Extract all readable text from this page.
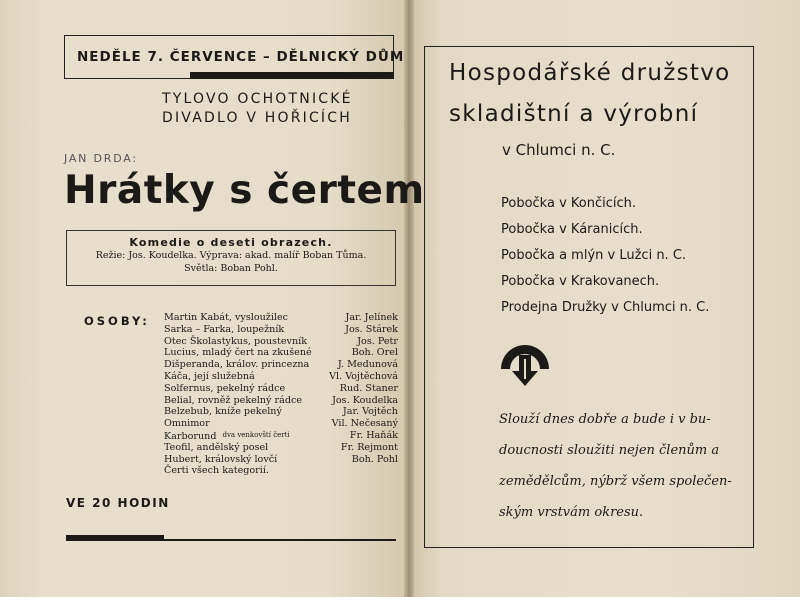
NEDĚLE 7. ČERVENCE – DĚLNICKÝ DŮM
TYLOVO OCHOTNICKÉ
DIVADLO V HOŘICÍCH
JAN DRDA:
Hrátky s čertem
Komedie o deseti obrazech.
Režie: Jos. Koudelka. Výprava: akad. malíř Boban Tůma.
Světla: Boban Pohl.
OSOBY: Martin Kabát, vysloužilec	Jar. Jelínek
Sarka – Farka, loupežník	Jos. Stárek
Otec Školastykus, poustevník	Jos. Petr
Lucius, mladý čert na zkušené	Boh. Orel
Dišperanda, králov. princezna	J. Medunová
Káča, její služebná	Vl. Vojtěchová
Solfernus, pekelný rádce	Rud. Staner
Belial, rovněž pekelný rádce	Jos. Koudelka
Belzebub, kníže pekelný	Jar. Vojtěch
Omnimor	Vil. Nečesaný
Karborund $^{dva venkovští čerti}$	Fr. Haňák
Teofil, andělský posel	Fr. Rejmont
Hubert, královský lovčí	Boh. Pohl
Čerti všech kategorií.
VE 20 HODIN
Hospodářské družstvo
skladištní a výrobní
v Chlumci n. C.
Pobočka v Končicích.
Pobočka v Káranicích.
Pobočka a mlýn v Lužci n. C.
Pobočka v Krakovanech.
Prodejna Družky v Chlumci n. C.
Slouží dnes dobře a bude i v bu-
doucnosti sloužiti nejen členům a
zemědělcům, nýbrž všem společen-
ským vrstvám okresu.
